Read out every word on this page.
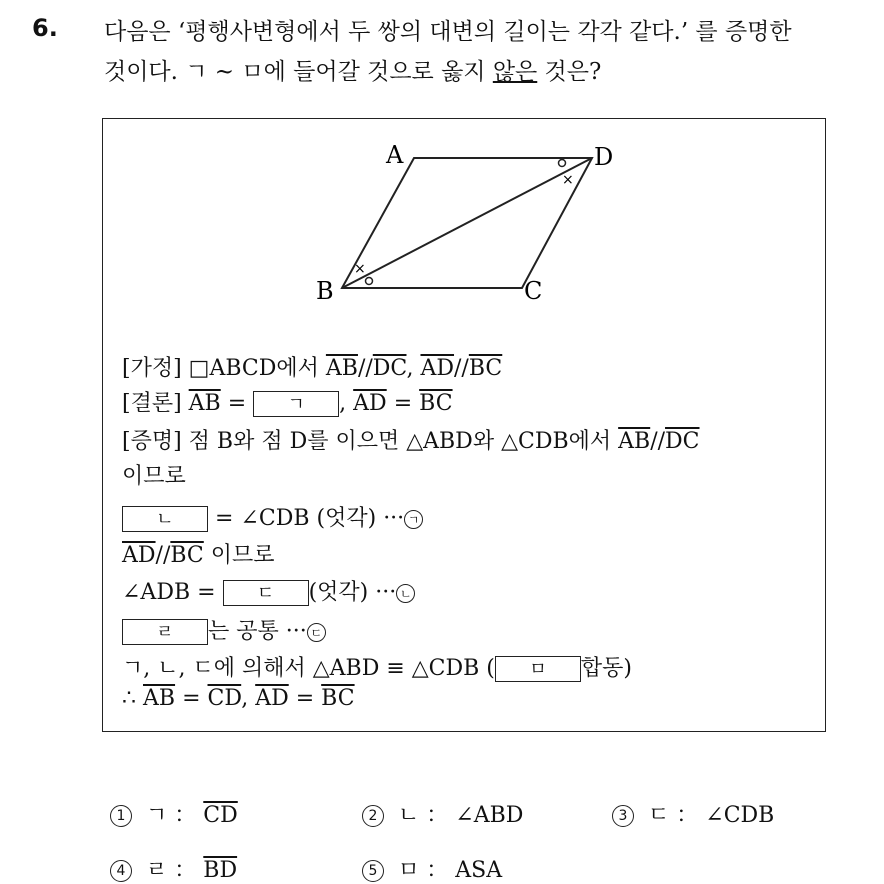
6. 다음은 ‘평행사변형에서 두 쌍의 대변의 길이는 각각 같다.’ 를 증명한
것이다. ㄱ ~ ㅁ에 들어갈 것으로 옳지 않은 것은?
A	D
B	C
×
×
[가정] □ABCD에서 $\overline{AB}//\overline{DC}$, $\overline{AD}//\overline{BC}$
[결론] $\overline{AB}$ = ㄱ , $\overline{AD} = \overline{BC}$
[증명] 점 B와 점 D를 이으면 △ABD와 △CDB에서 $\overline{AB}//\overline{DC}$
이므로
ㄴ = ∠CDB (엇각) ··· ㄱ
$\overline{AD}//\overline{BC}$ 이므로
∠ADB = ㄷ (엇각) ··· ㄴ
ㄹ 는 공통 ··· ㄷ
ㄱ, ㄴ, ㄷ에 의해서 △ABD ≡ △CDB ( ㅁ 합동)
∴ $\overline{AB} = \overline{CD}$, $\overline{AD} = \overline{BC}$
1 ㄱ ： $\overline{CD}$	2 ㄴ ： ∠ABD	3 ㄷ ： ∠CDB
4 ㄹ ： $\overline{BD}$	5 ㅁ ： ASA
